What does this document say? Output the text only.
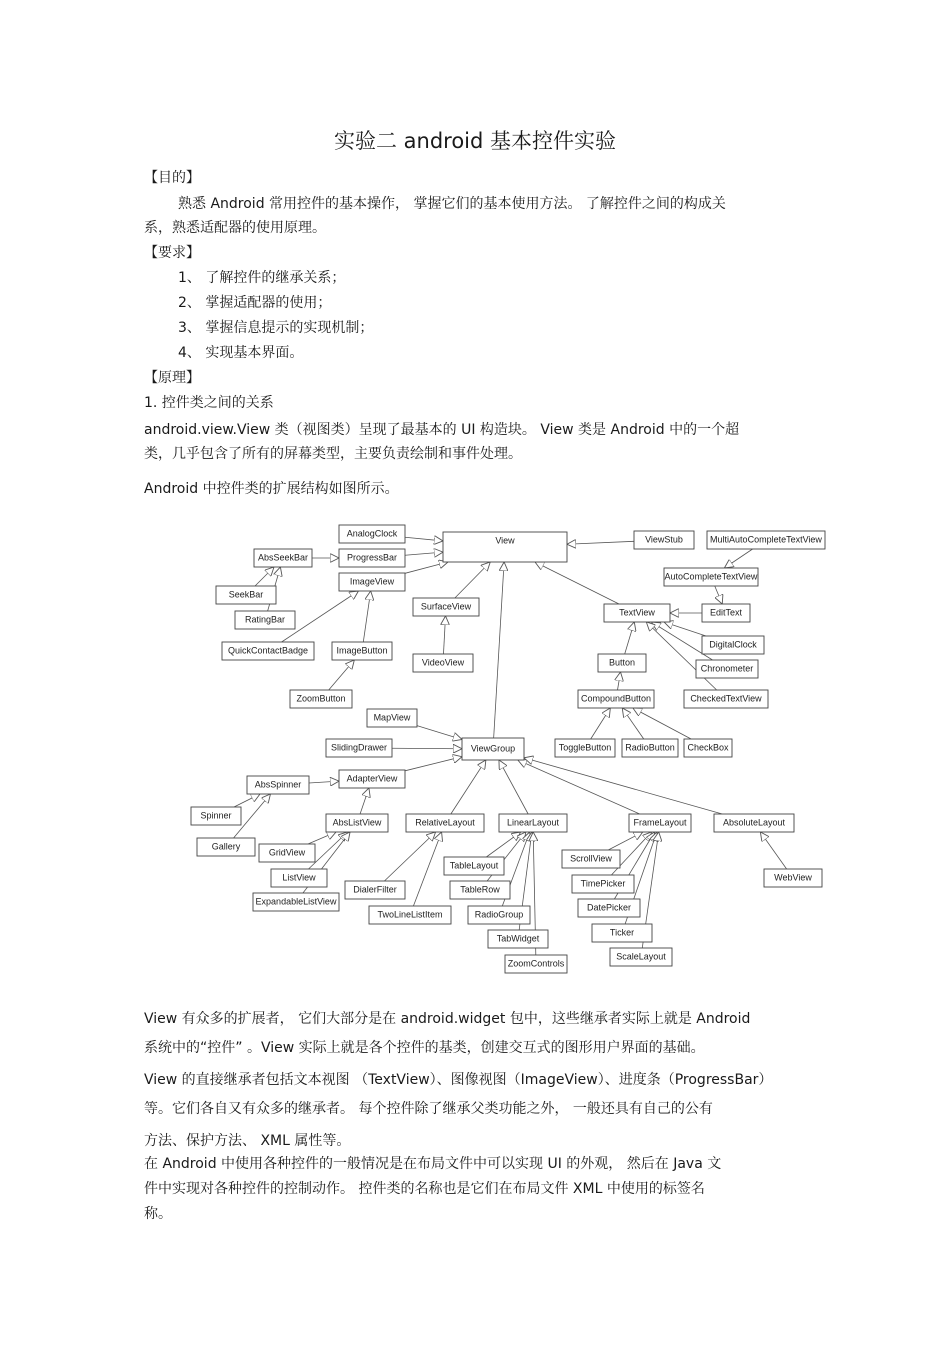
实验二 android 基本控件实验
【目的】
熟悉 Android 常用控件的基本操作， 掌握它们的基本使用方法。 了解控件之间的构成关
系，熟悉适配器的使用原理。
【要求】
1、 了解控件的继承关系；
2、 掌握适配器的使用；
3、 掌握信息提示的实现机制；
4、 实现基本界面。
【原理】
1. 控件类之间的关系
android.view.View 类（视图类）呈现了最基本的 UI 构造块。 View 类是 Android 中的一个超
类，几乎包含了所有的屏幕类型，主要负责绘制和事件处理。
Android 中控件类的扩展结构如图所示。
View
AnalogClock
ProgressBar
AbsSeekBar
ImageView
SeekBar
RatingBar
SurfaceView
QuickContactBadge	ImageButton
VideoView
ZoomButton
ViewStub	MultiAutoCompleteTextView
AutoCompleteTextView
TextView	EditText
DigitalClock
Button
Chronometer
CompoundButton	CheckedTextView
MapView
SlidingDrawer	ViewGroup	ToggleButton RadioButton CheckBox
AbsSpinner
AdapterView
Spinner
Gallery
AbsListView
GridView
ListView
ExpandableListView
RelativeLayout
DialerFilter
TwoLineListItem
LinearLayout
TableLayout
TableRow
RadioGroup
TabWidget
ZoomControls
FrameLayout
ScrollView
TimePicker
DatePicker
Ticker
ScaleLayout
AbsoluteLayout
WebView
View 有众多的扩展者， 它们大部分是在 android.widget 包中，这些继承者实际上就是 Android
系统中的“控件” 。View 实际上就是各个控件的基类，创建交互式的图形用户界面的基础。
View 的直接继承者包括文本视图 （TextView）、图像视图（ImageView）、进度条（ProgressBar）
等。它们各自又有众多的继承者。 每个控件除了继承父类功能之外， 一般还具有自己的公有
方法、保护方法、 XML 属性等。
在 Android 中使用各种控件的一般情况是在布局文件中可以实现 UI 的外观， 然后在 Java 文
件中实现对各种控件的控制动作。 控件类的名称也是它们在布局文件 XML 中使用的标签名
称。
